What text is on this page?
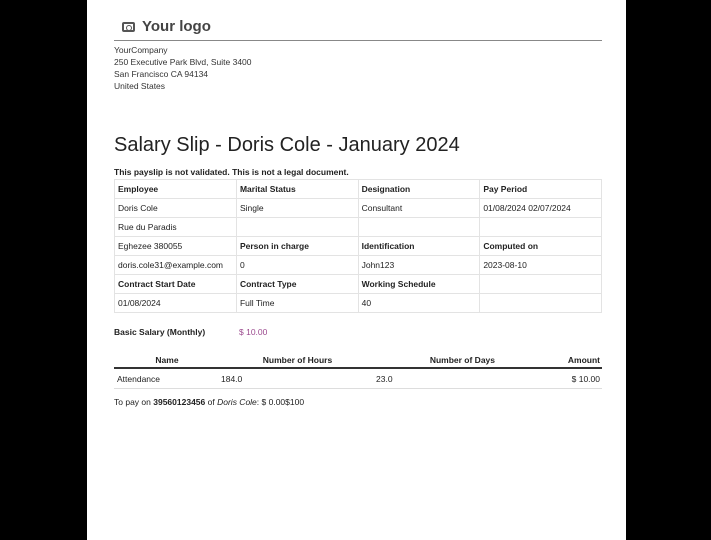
Your logo
YourCompany
250 Executive Park Blvd, Suite 3400
San Francisco CA 94134
United States
Salary Slip - Doris Cole - January 2024
This payslip is not validated. This is not a legal document.
Employee	Marital Status	Designation	Pay Period
Doris Cole	Single	Consultant	01/08/2024 02/07/2024
Rue du Paradis			
Eghezee 380055	Person in charge	Identification	Computed on
doris.cole31@example.com	0	John123	2023-08-10
Contract Start Date	Contract Type	Working Schedule	
01/08/2024	Full Time	40	
Basic Salary (Monthly)	$ 10.00
Name	Number of Hours	Number of Days	Amount
Attendance	184.0	23.0	$ 10.00
To pay on 39560123456 of Doris Cole: $ 0.00$100
